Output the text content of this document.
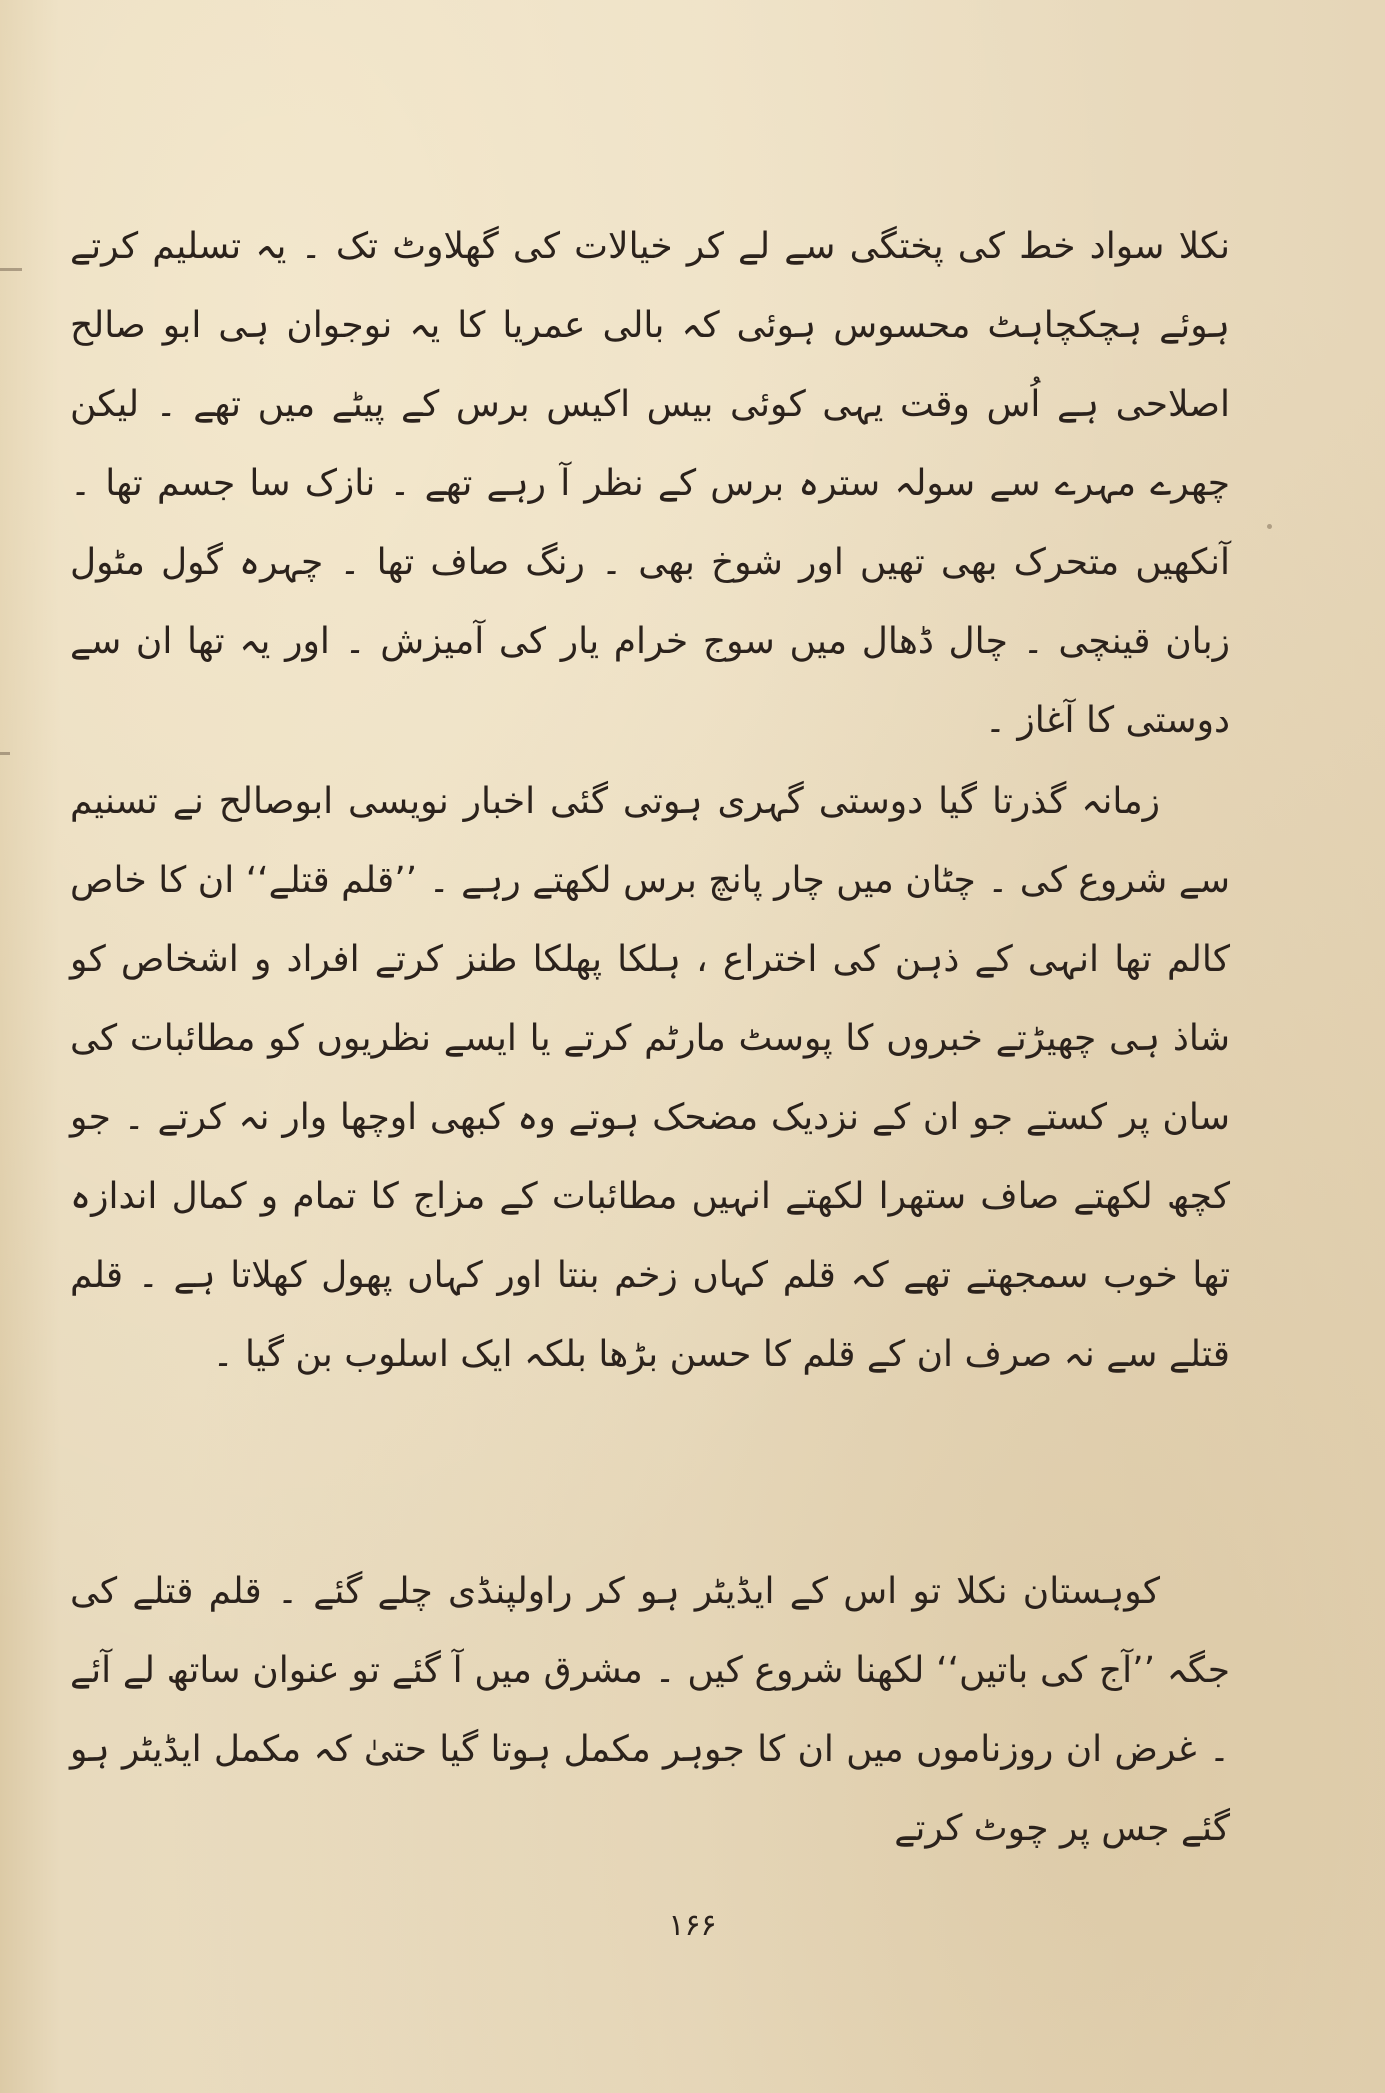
نکلا سواد خط کی پختگی سے لے کر خیالات کی گھلاوٹ تک ۔ یہ تسلیم کرتے ہوئے ہچکچاہٹ محسوس ہوئی کہ بالی عمریا کا یہ نوجوان ہی ابو صالح اصلاحی ہے اُس وقت یہی کوئی بیس اکیس برس کے پیٹے میں تھے ۔ لیکن چھرے مہرے سے سولہ سترہ برس کے نظر آ رہے تھے ۔ نازک سا جسم تھا ۔ آنکھیں متحرک بھی تھیں اور شوخ بھی ۔ رنگ صاف تھا ۔ چہرہ گول مٹول زبان قینچی ۔ چال ڈھال میں سوج خرام یار کی آمیزش ۔ اور یہ تھا ان سے دوستی کا آغاز ۔

زمانہ گذرتا گیا دوستی گہری ہوتی گئی اخبار نویسی ابوصالح نے تسنیم سے شروع کی ۔ چٹان میں چار پانچ برس لکھتے رہے ۔ ’’قلم قتلے‘‘ ان کا خاص کالم تھا انہی کے ذہن کی اختراع ، ہلکا پھلکا طنز کرتے افراد و اشخاص کو شاذ ہی چھیڑتے خبروں کا پوسٹ مارٹم کرتے یا ایسے نظریوں کو مطائبات کی سان پر کستے جو ان کے نزدیک مضحک ہوتے وہ کبھی اوچھا وار نہ کرتے ۔ جو کچھ لکھتے صاف ستھرا لکھتے انہیں مطائبات کے مزاج کا تمام و کمال اندازہ تھا خوب سمجھتے تھے کہ قلم کہاں زخم بنتا اور کہاں پھول کھلاتا ہے ۔ قلم قتلے سے نہ صرف ان کے قلم کا حسن بڑھا بلکہ ایک اسلوب بن گیا ۔

کوہستان نکلا تو اس کے ایڈیٹر ہو کر راولپنڈی چلے گئے ۔ قلم قتلے کی جگہ ’’آج کی باتیں‘‘ لکھنا شروع کیں ۔ مشرق میں آ گئے تو عنوان ساتھ لے آئے ۔ غرض ان روزناموں میں ان کا جوہر مکمل ہوتا گیا حتیٰ کہ مکمل ایڈیٹر ہو گئے جس پر چوٹ کرتے

۱۶۶
